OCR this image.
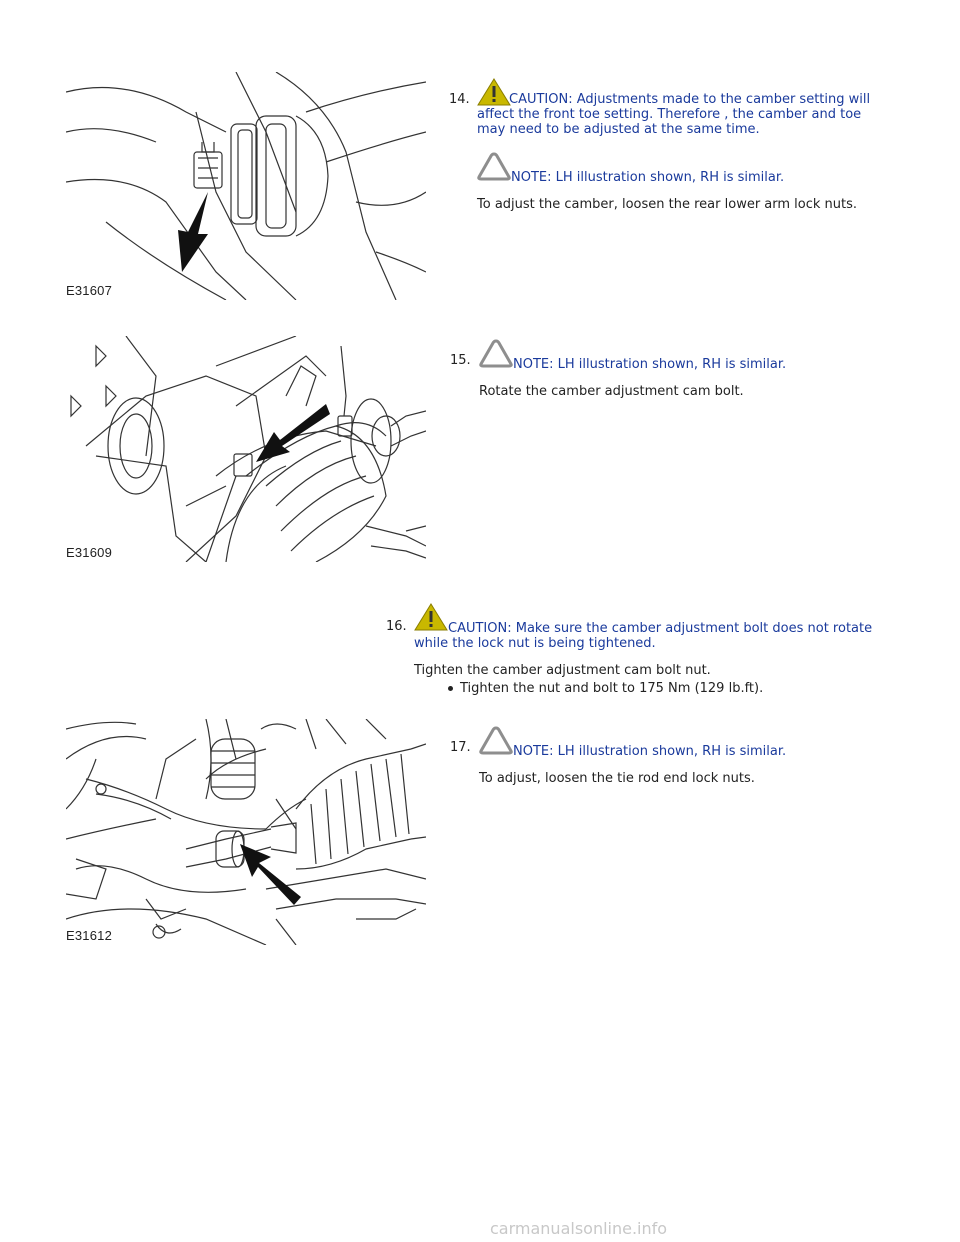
E31607
14.	CAUTION: Adjustments made to the camber setting will affect the front toe setting. Therefore , the camber and toe may need to be adjusted at the same time.
NOTE: LH illustration shown, RH is similar.
To adjust the camber, loosen the rear lower arm lock nuts.
E31609
15.	NOTE: LH illustration shown, RH is similar.
Rotate the camber adjustment cam bolt.
16.	CAUTION: Make sure the camber adjustment bolt does not rotate while the lock nut is being tightened.
Tighten the camber adjustment cam bolt nut.
Tighten the nut and bolt to 175 Nm (129 lb.ft).
E31612
17.	NOTE: LH illustration shown, RH is similar.
To adjust, loosen the tie rod end lock nuts.
carmanualsonline.info
